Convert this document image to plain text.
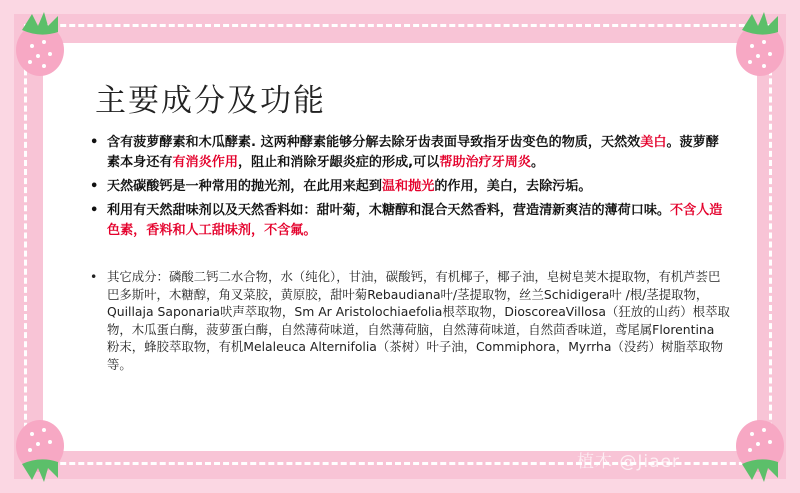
主要成分及功能
• 含有菠萝酵素和木瓜酵素. 这两种酵素能够分解去除牙齿表面导致指牙齿变色的物质，天然效美白。菠萝酵素本身还有有消炎作用，阻止和消除牙龈炎症的形成,可以帮助治疗牙周炎。
• 天然碳酸钙是一种常用的抛光剂，在此用来起到温和抛光的作用，美白，去除污垢。
• 利用有天然甜味剂以及天然香料如：甜叶菊，木糖醇和混合天然香料，营造清新爽洁的薄荷口味。不含人造色素，香料和人工甜味剂，不含氟。

• 其它成分：磷酸二钙二水合物，水（纯化），甘油，碳酸钙，有机椰子，椰子油，皂树皂荚木提取物，有机芦荟巴巴多斯叶，木糖醇，角叉菜胶，黄原胶，甜叶菊Rebaudiana叶/茎提取物，丝兰Schidigera叶 /根/茎提取物，Quillaja Saponaria吠声萃取物，Sm Ar Aristolochiaefolia根萃取物，DioscoreaVillosa（狂放的山药）根萃取物，木瓜蛋白酶，菠萝蛋白酶，自然薄荷味道，自然薄荷脑，自然薄荷味道，自然茴香味道，鸢尾属Florentina 粉末，蜂胶萃取物，有机Melaleuca Alternifolia（茶树）叶子油，Commiphora，Myrrha（没药）树脂萃取物等。

植木 @Jiaer
